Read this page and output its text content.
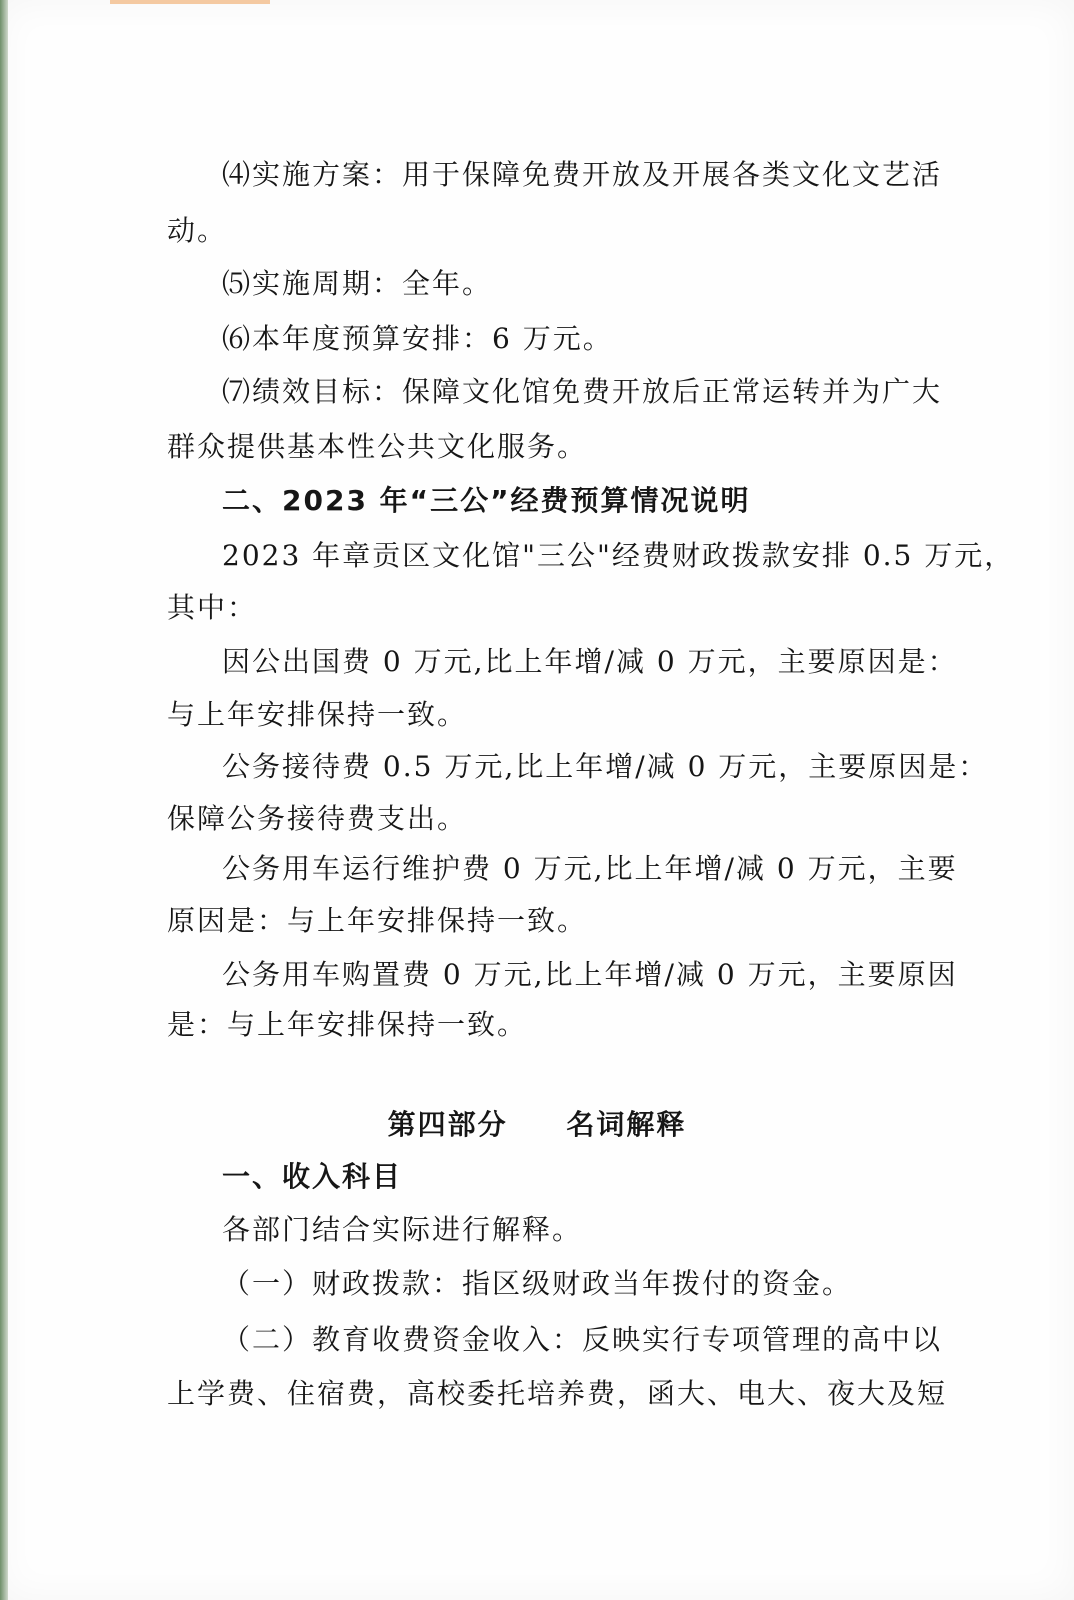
⑷实施方案：用于保障免费开放及开展各类文化文艺活
动。
⑸实施周期：全年。
⑹本年度预算安排：6 万元。
⑺绩效目标：保障文化馆免费开放后正常运转并为广大
群众提供基本性公共文化服务。
二、2023 年“三公”经费预算情况说明
2023 年章贡区文化馆"三公"经费财政拨款安排 0.5 万元，
其中：
因公出国费 0 万元,比上年增/减 0 万元，主要原因是：
与上年安排保持一致。
公务接待费 0.5 万元,比上年增/减 0 万元，主要原因是：
保障公务接待费支出。
公务用车运行维护费 0 万元,比上年增/减 0 万元，主要
原因是：与上年安排保持一致。
公务用车购置费 0 万元,比上年增/减 0 万元，主要原因
是：与上年安排保持一致。
第四部分     名词解释
一、收入科目
各部门结合实际进行解释。
（一）财政拨款：指区级财政当年拨付的资金。
（二）教育收费资金收入：反映实行专项管理的高中以
上学费、住宿费，高校委托培养费，函大、电大、夜大及短
